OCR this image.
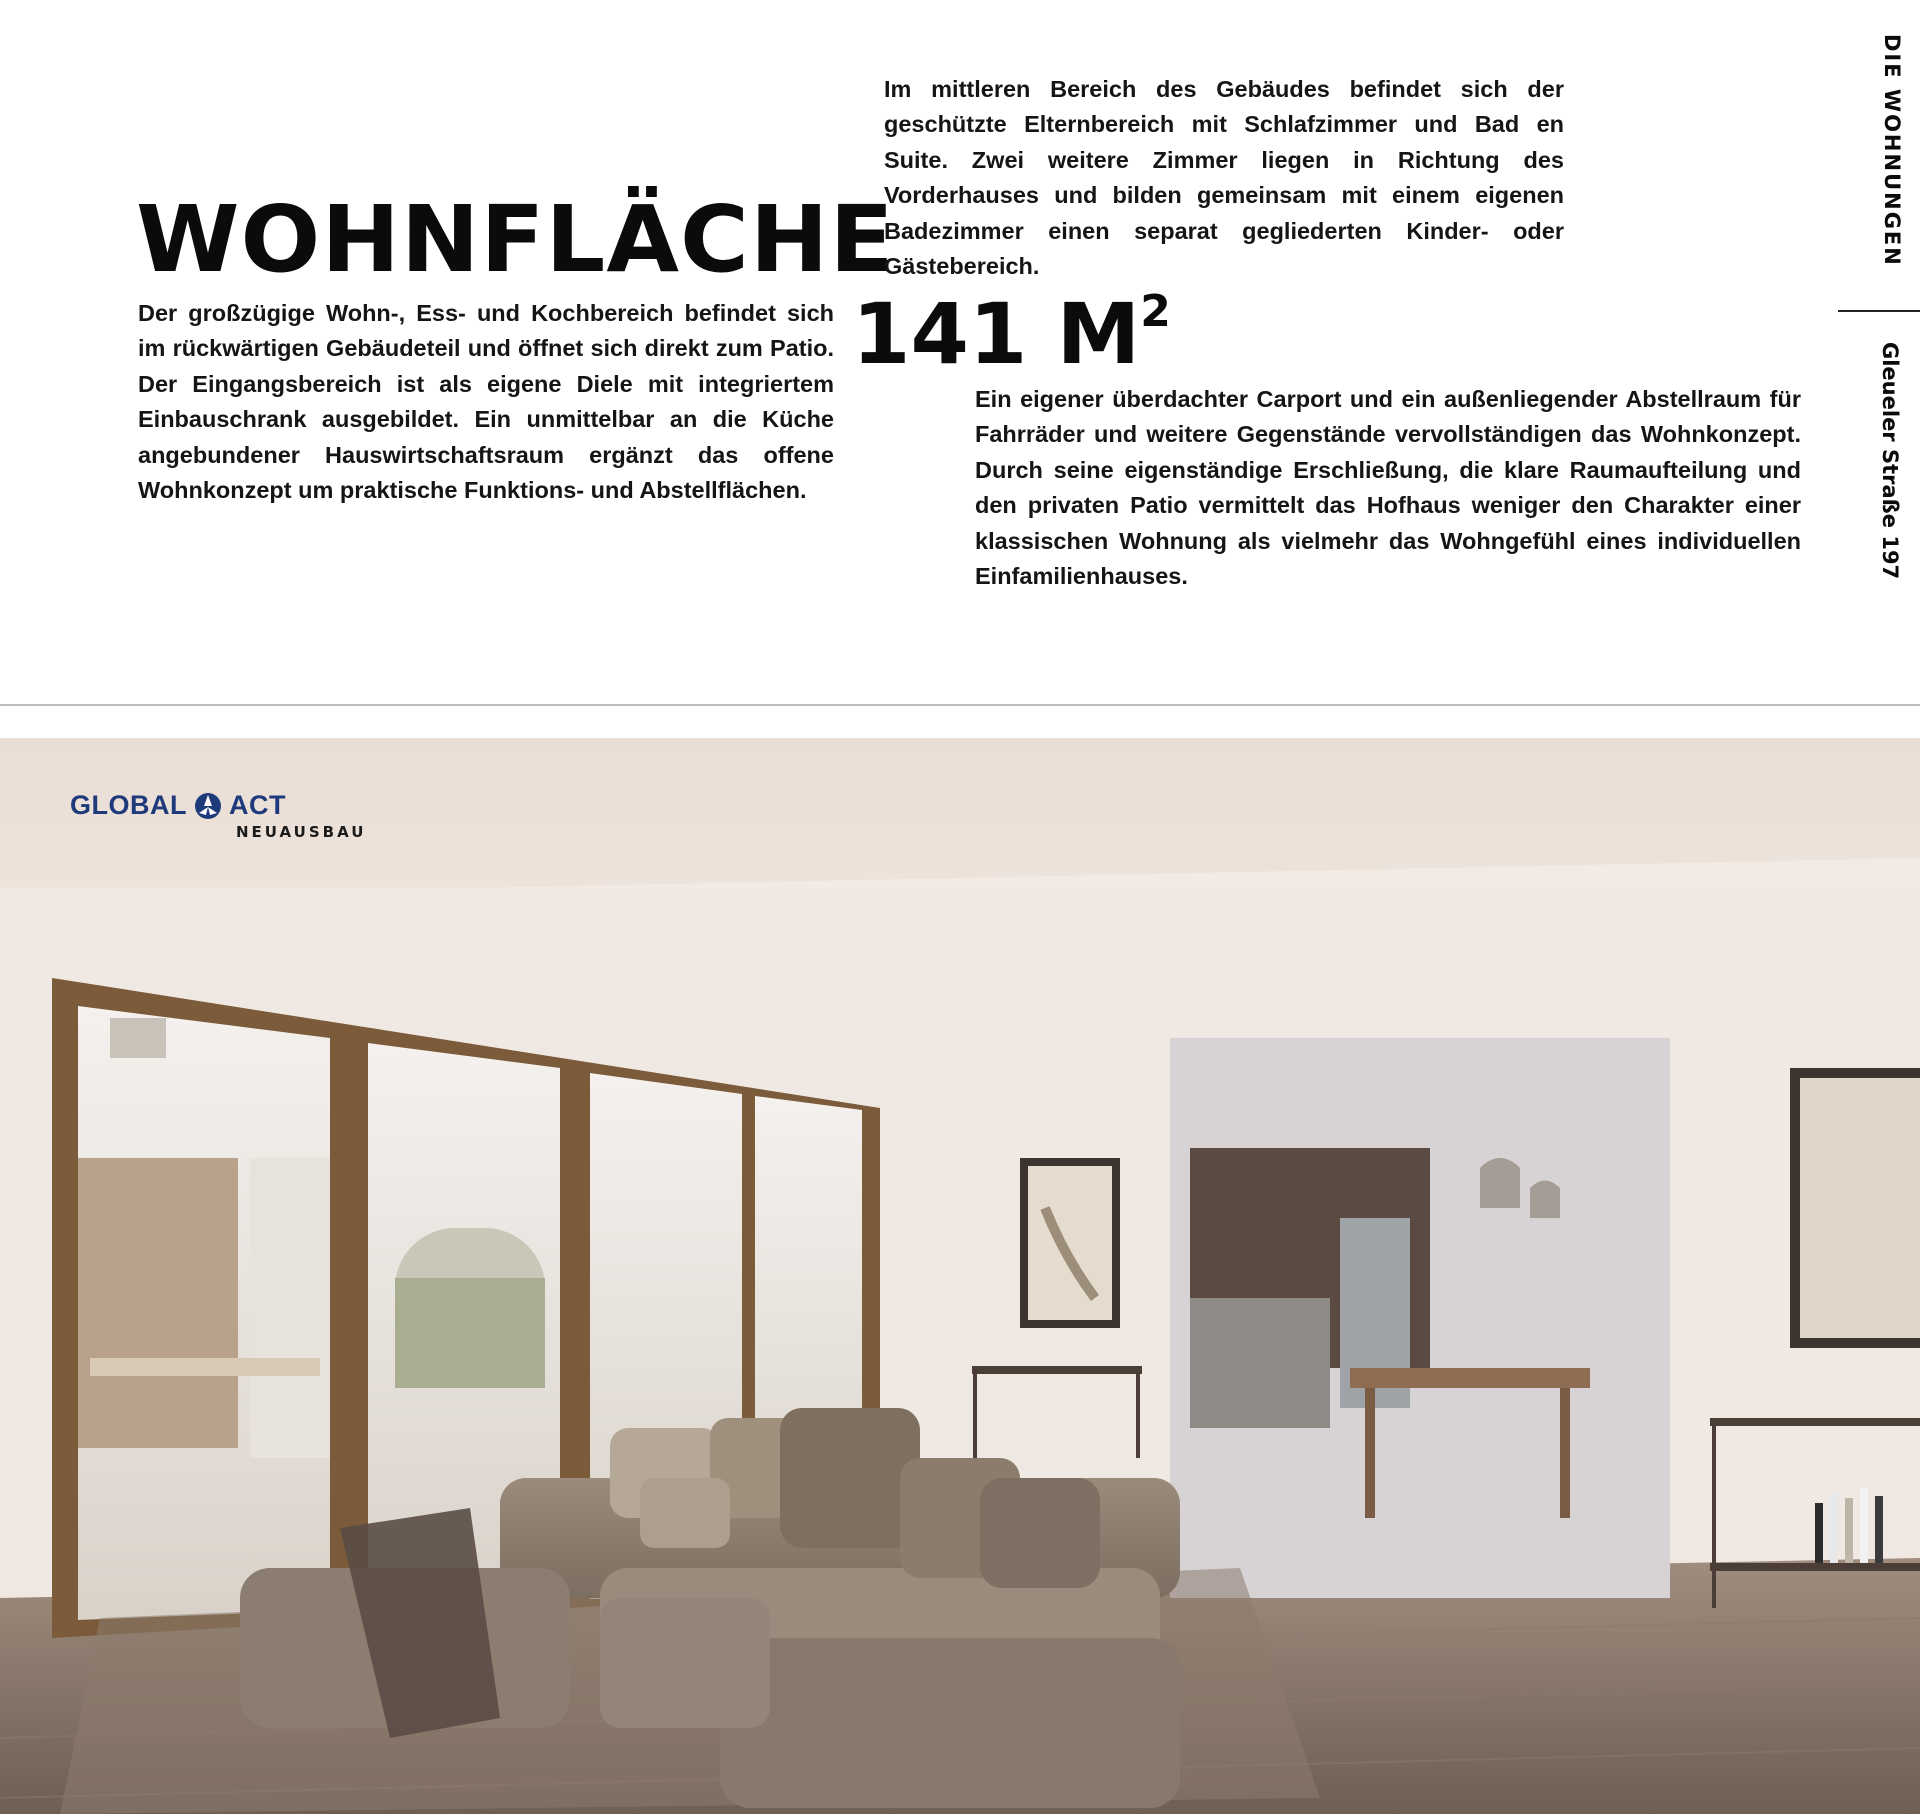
WOHNFLÄCHE
141 $M^2$

Im mittleren Bereich des Gebäudes befindet sich der geschützte Elternbereich mit Schlafzimmer und Bad en Suite. Zwei weitere Zimmer liegen in Richtung des Vorderhauses und bilden gemeinsam mit einem eigenen Badezimmer einen separat gegliederten Kinder- oder Gästebereich.

Der großzügige Wohn-, Ess- und Kochbereich befindet sich im rückwärtigen Gebäudeteil und öffnet sich direkt zum Patio. Der Eingangsbereich ist als eigene Diele mit integriertem Einbauschrank ausgebildet. Ein unmittelbar an die Küche angebundener Hauswirtschaftsraum ergänzt das offene Wohnkonzept um praktische Funktions- und Abstellflächen.

Ein eigener überdachter Carport und ein außenliegender Abstellraum für Fahrräder und weitere Gegenstände vervollständigen das Wohnkonzept. Durch seine eigenständige Erschließung, die klare Raumaufteilung und den privaten Patio vermittelt das Hofhaus weniger den Charakter einer klassischen Wohnung als vielmehr das Wohngefühl eines individuellen Einfamilienhauses.

DIE WOHNUNGEN
Gleueler Straße 197
GLOBAL ACT
NEUAUSBAU
